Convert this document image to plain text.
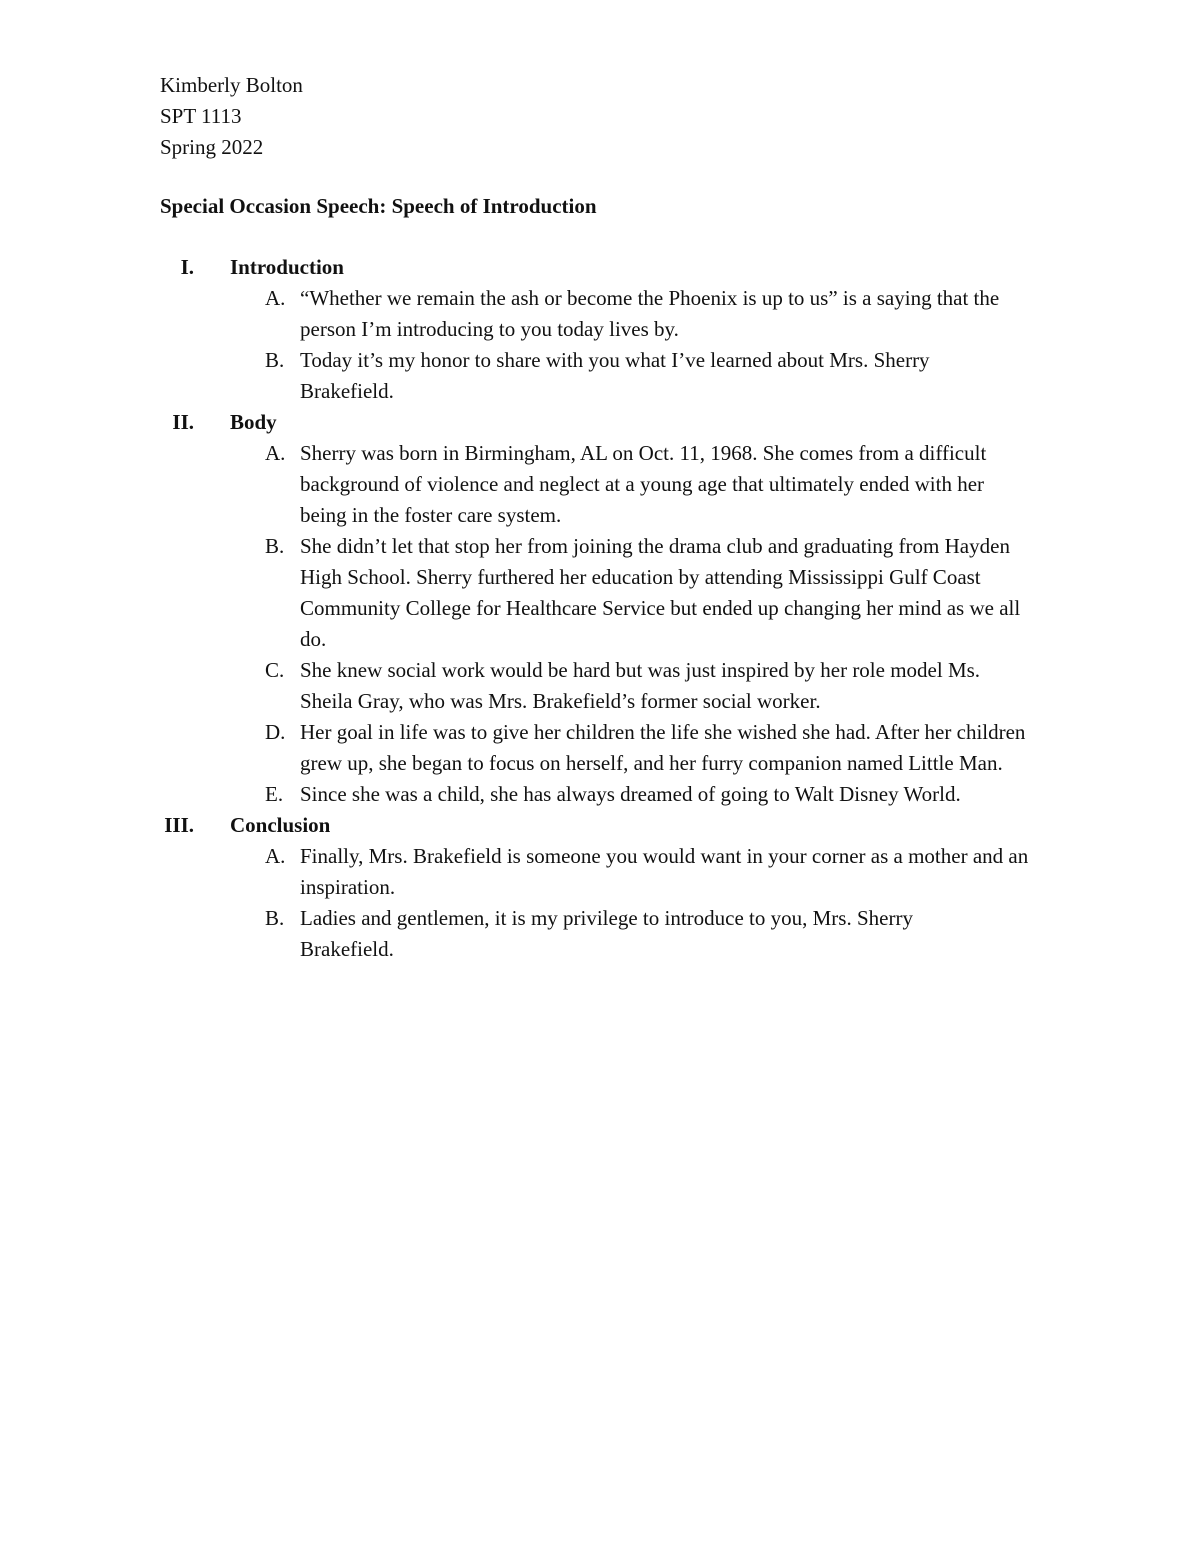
Kimberly Bolton
SPT 1113
Spring 2022
Special Occasion Speech: Speech of Introduction
I. Introduction
A. “Whether we remain the ash or become the Phoenix is up to us” is a saying that the person I’m introducing to you today lives by.
B. Today it’s my honor to share with you what I’ve learned about Mrs. Sherry Brakefield.
II. Body
A. Sherry was born in Birmingham, AL on Oct. 11, 1968. She comes from a difficult background of violence and neglect at a young age that ultimately ended with her being in the foster care system.
B. She didn’t let that stop her from joining the drama club and graduating from Hayden High School. Sherry furthered her education by attending Mississippi Gulf Coast Community College for Healthcare Service but ended up changing her mind as we all do.
C. She knew social work would be hard but was just inspired by her role model Ms. Sheila Gray, who was Mrs. Brakefield’s former social worker.
D. Her goal in life was to give her children the life she wished she had. After her children grew up, she began to focus on herself, and her furry companion named Little Man.
E. Since she was a child, she has always dreamed of going to Walt Disney World.
III. Conclusion
A. Finally, Mrs. Brakefield is someone you would want in your corner as a mother and an inspiration.
B. Ladies and gentlemen, it is my privilege to introduce to you, Mrs. Sherry Brakefield.
